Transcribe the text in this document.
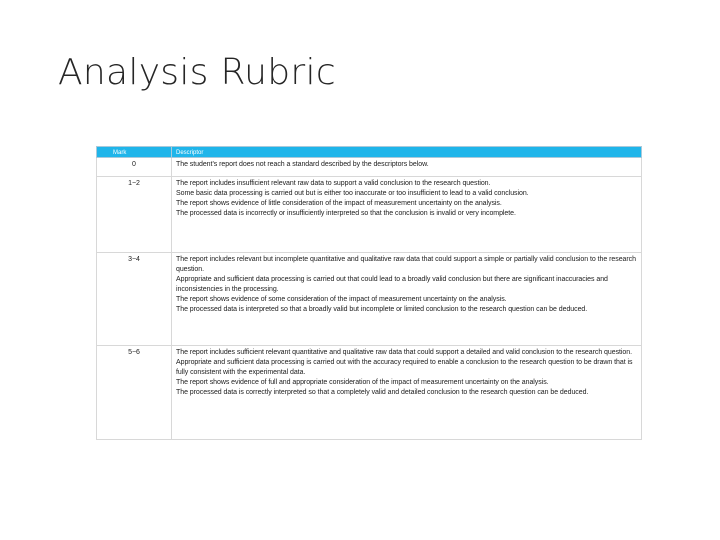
Analysis Rubric
Mark	Descriptor
0	The student’s report does not reach a standard described by the descriptors below.

1−2	The report includes insufficient relevant raw data to support a valid conclusion to the research question.
Some basic data processing is carried out but is either too inaccurate or too insufficient to lead to a valid conclusion.
The report shows evidence of little consideration of the impact of measurement uncertainty on the analysis.
The processed data is incorrectly or insufficiently interpreted so that the conclusion is invalid or very incomplete.

3−4	The report includes relevant but incomplete quantitative and qualitative raw data that could support a simple or partially valid conclusion to the research question.
Appropriate and sufficient data processing is carried out that could lead to a broadly valid conclusion but there are significant inaccuracies and inconsistencies in the processing.
The report shows evidence of some consideration of the impact of measurement uncertainty on the analysis.
The processed data is interpreted so that a broadly valid but incomplete or limited conclusion to the research question can be deduced.

5−6	The report includes sufficient relevant quantitative and qualitative raw data that could support a detailed and valid conclusion to the research question.
Appropriate and sufficient data processing is carried out with the accuracy required to enable a conclusion to the research question to be drawn that is fully consistent with the experimental data.
The report shows evidence of full and appropriate consideration of the impact of measurement uncertainty on the analysis.
The processed data is correctly interpreted so that a completely valid and detailed conclusion to the research question can be deduced.
